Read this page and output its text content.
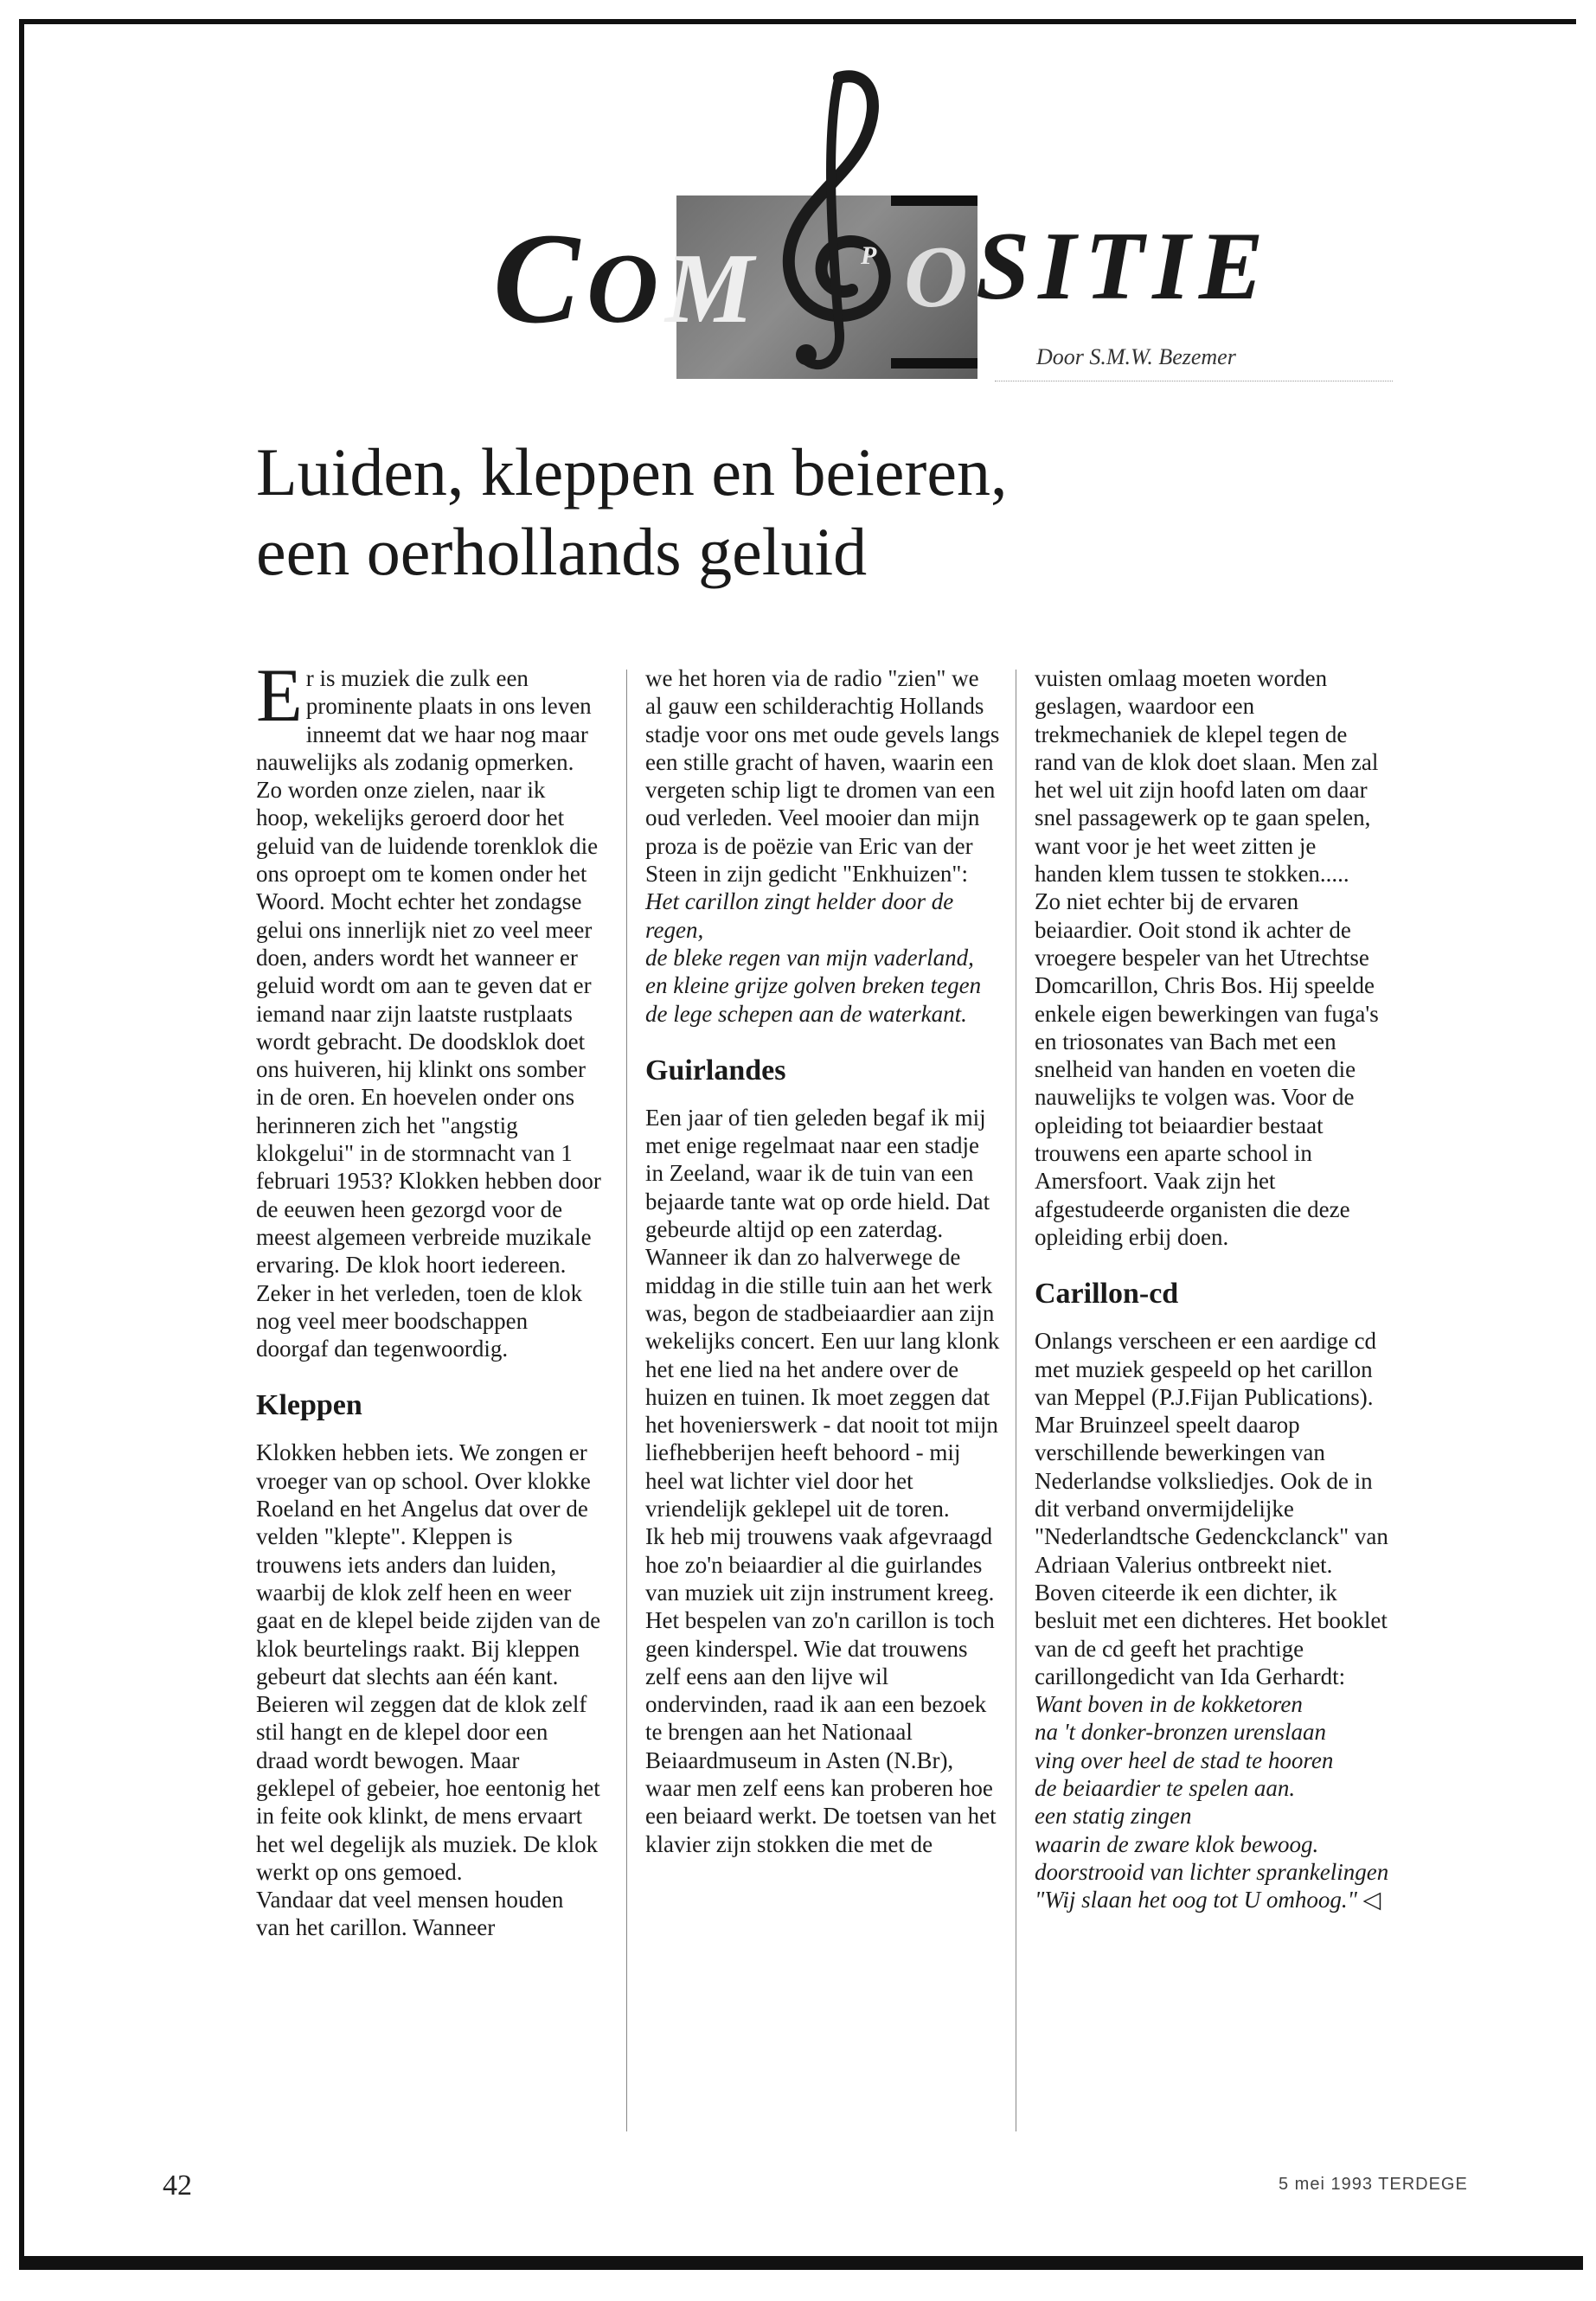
COM	P O SITIE
Door S.M.W. Bezemer
Luiden, kleppen en beieren,
een oerhollands geluid

Er is muziek die zulk een prominente plaats in ons leven inneemt dat we haar nog maar nauwelijks als zodanig opmerken. Zo worden onze zielen, naar ik hoop, wekelijks geroerd door het geluid van de luidende torenklok die ons oproept om te komen onder het Woord. Mocht echter het zondagse gelui ons innerlijk niet zo veel meer doen, anders wordt het wanneer er geluid wordt om aan te geven dat er iemand naar zijn laatste rustplaats wordt gebracht. De doodsklok doet ons huiveren, hij klinkt ons somber in de oren. En hoevelen onder ons herinneren zich het "angstig klokgelui" in de stormnacht van 1 februari 1953? Klokken hebben door de eeuwen heen gezorgd voor de meest algemeen verbreide muzikale ervaring. De klok hoort iedereen. Zeker in het verleden, toen de klok nog veel meer boodschappen doorgaf dan tegenwoordig.

Kleppen

Klokken hebben iets. We zongen er vroeger van op school. Over klokke Roeland en het Angelus dat over de velden "klepte". Kleppen is trouwens iets anders dan luiden, waarbij de klok zelf heen en weer gaat en de klepel beide zijden van de klok beurtelings raakt. Bij kleppen gebeurt dat slechts aan één kant. Beieren wil zeggen dat de klok zelf stil hangt en de klepel door een draad wordt bewogen. Maar geklepel of gebeier, hoe eentonig het in feite ook klinkt, de mens ervaart het wel degelijk als muziek. De klok werkt op ons gemoed.

Vandaar dat veel mensen houden van het carillon. Wanneer

we het horen via de radio "zien" we al gauw een schilderachtig Hollands stadje voor ons met oude gevels langs een stille gracht of haven, waarin een vergeten schip ligt te dromen van een oud verleden. Veel mooier dan mijn proza is de poëzie van Eric van der Steen in zijn gedicht "Enkhuizen":

Het carillon zingt helder door de regen,
de bleke regen van mijn vaderland,
en kleine grijze golven breken tegen
de lege schepen aan de waterkant.
Guirlandes

Een jaar of tien geleden begaf ik mij met enige regelmaat naar een stadje in Zeeland, waar ik de tuin van een bejaarde tante wat op orde hield. Dat gebeurde altijd op een zaterdag. Wanneer ik dan zo halverwege de middag in die stille tuin aan het werk was, begon de stadbeiaardier aan zijn wekelijks concert. Een uur lang klonk het ene lied na het andere over de huizen en tuinen. Ik moet zeggen dat het hovenierswerk - dat nooit tot mijn liefhebberijen heeft behoord - mij heel wat lichter viel door het vriendelijk geklepel uit de toren.

Ik heb mij trouwens vaak afgevraagd hoe zo'n beiaardier al die guirlandes van muziek uit zijn instrument kreeg. Het bespelen van zo'n carillon is toch geen kinderspel. Wie dat trouwens zelf eens aan den lijve wil ondervinden, raad ik aan een bezoek te brengen aan het Nationaal Beiaardmuseum in Asten (N.Br), waar men zelf eens kan proberen hoe een beiaard werkt. De toetsen van het klavier zijn stokken die met de

vuisten omlaag moeten worden geslagen, waardoor een trekmechaniek de klepel tegen de rand van de klok doet slaan. Men zal het wel uit zijn hoofd laten om daar snel passagewerk op te gaan spelen, want voor je het weet zitten je handen klem tussen te stokken.....

Zo niet echter bij de ervaren beiaardier. Ooit stond ik achter de vroegere bespeler van het Utrechtse Domcarillon, Chris Bos. Hij speelde enkele eigen bewerkingen van fuga's en triosonates van Bach met een snelheid van handen en voeten die nauwelijks te volgen was. Voor de opleiding tot beiaardier bestaat trouwens een aparte school in Amersfoort. Vaak zijn het afgestudeerde organisten die deze opleiding erbij doen.

Carillon-cd

Onlangs verscheen er een aardige cd met muziek gespeeld op het carillon van Meppel (P.J.Fijan Publications). Mar Bruinzeel speelt daarop verschillende bewerkingen van Nederlandse volksliedjes. Ook de in dit verband onvermijdelijke "Nederlandtsche Gedenckclanck" van Adriaan Valerius ontbreekt niet.

Boven citeerde ik een dichter, ik besluit met een dichteres. Het booklet van de cd geeft het prachtige carillongedicht van Ida Gerhardt:

Want boven in de kokketoren
na 't donker-bronzen urenslaan
ving over heel de stad te hooren
de beiaardier te spelen aan.
een statig zingen
waarin de zware klok bewoog.
doorstrooid van lichter sprankelingen
"Wij slaan het oog tot U omhoog." ◁
42	5 mei 1993 TERDEGE
